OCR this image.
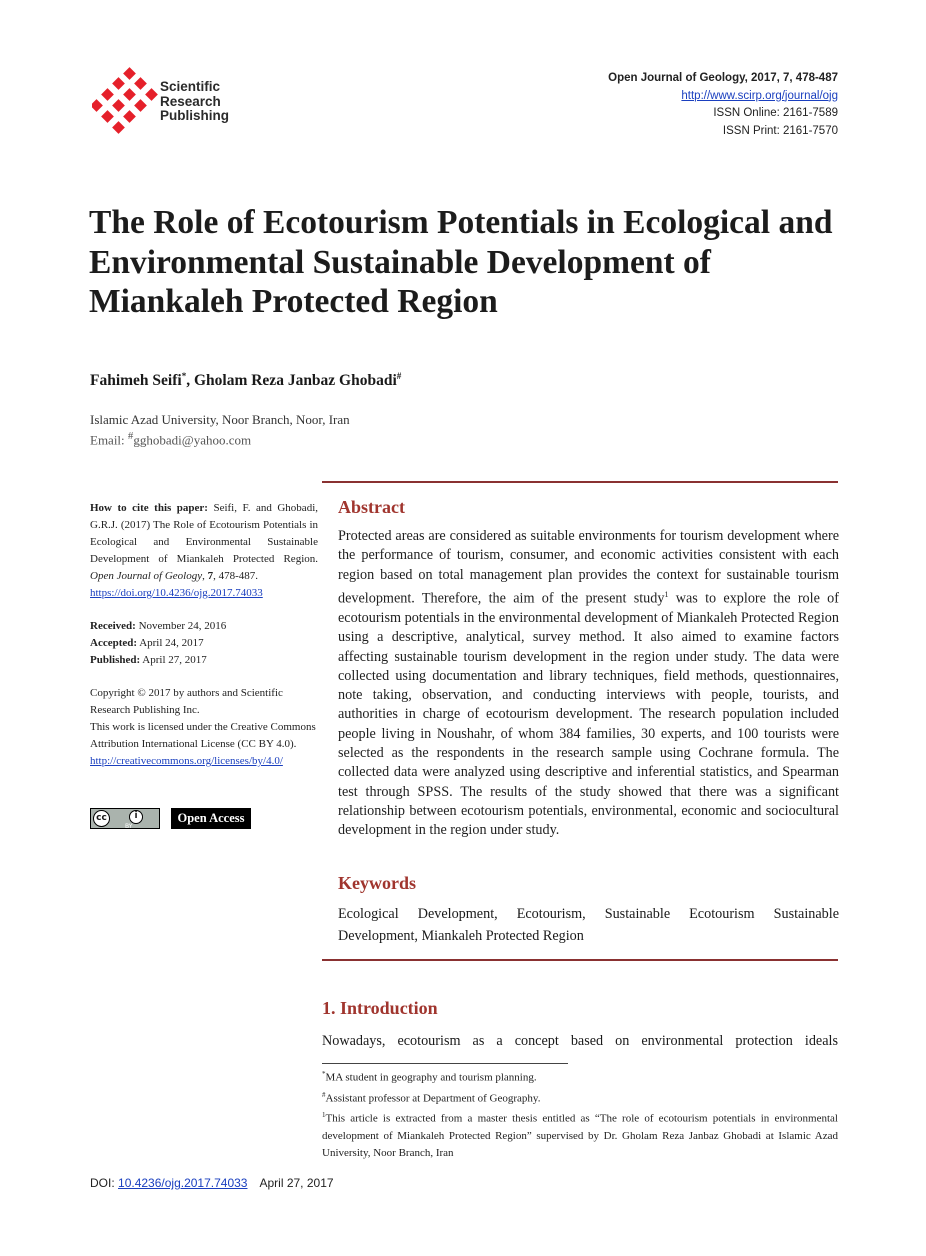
Scientific
Research
Publishing
Open Journal of Geology, 2017, 7, 478-487
http://www.scirp.org/journal/ojg
ISSN Online: 2161-7589
ISSN Print: 2161-7570
The Role of Ecotourism Potentials in Ecological and Environmental Sustainable Development of Miankaleh Protected Region
Fahimeh Seifi*, Gholam Reza Janbaz Ghobadi#
Islamic Azad University, Noor Branch, Noor, Iran
Email: #gghobadi@yahoo.com

How to cite this paper: Seifi, F. and Ghobadi, G.R.J. (2017) The Role of Ecotourism Potentials in Ecological and Environmental Sustainable Development of Miankaleh Protected Region. Open Journal of Geology, 7, 478-487.
https://doi.org/10.4236/ojg.2017.74033

Received: November 24, 2016

Accepted: April 24, 2017

Published: April 27, 2017

Copyright © 2017 by authors and Scientific Research Publishing Inc.

This work is licensed under the Creative Commons Attribution International License (CC BY 4.0).

http://creativecommons.org/licenses/by/4.0/

cc	i
BY
Open Access
Abstract
Protected areas are considered as suitable environments for tourism development where the performance of tourism, consumer, and economic activities consistent with each region based on total management plan provides the context for sustainable tourism development. Therefore, the aim of the present study$^1$ was to explore the role of ecotourism potentials in the environmental development of Miankaleh Protected Region using a descriptive, analytical, survey method. It also aimed to examine factors affecting sustainable tourism development in the region under study. The data were collected using documentation and library techniques, field methods, questionnaires, note taking, observation, and conducting interviews with people, tourists, and authorities in charge of ecotourism development. The research population included people living in Noushahr, of whom 384 families, 30 experts, and 100 tourists were selected as the respondents in the research sample using Cochrane formula. The collected data were analyzed using descriptive and inferential statistics, and Spearman test through SPSS. The results of the study showed that there was a significant relationship between ecotourism potentials, environmental, economic and sociocultural development in the region under study.
Keywords
Ecological Development, Ecotourism, Sustainable Ecotourism Sustainable Development, Miankaleh Protected Region
1. Introduction
Nowadays, ecotourism as a concept based on environmental protection ideals

*MA student in geography and tourism planning.

#Assistant professor at Department of Geography.

$^1$This article is extracted from a master thesis entitled as “The role of ecotourism potentials in environmental development of Miankaleh Protected Region” supervised by Dr. Gholam Reza Janbaz Ghobadi at Islamic Azad University, Noor Branch, Iran

DOI: 10.4236/ojg.2017.74033 April 27, 2017
